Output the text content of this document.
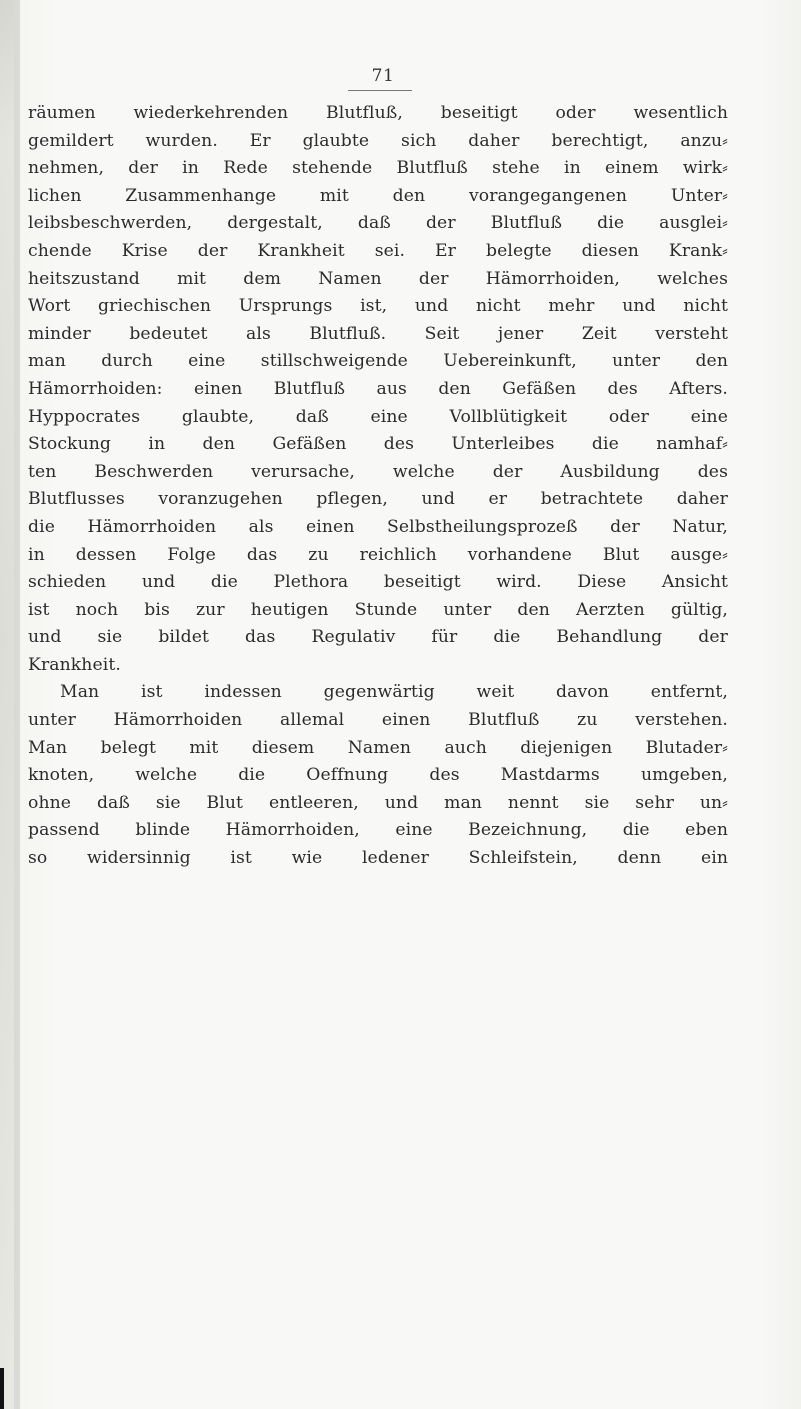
71
räumen wiederkehrenden Blutfluß, beseitigt oder wesentlich
gemildert wurden. Er glaubte sich daher berechtigt, anzu⸗
nehmen, der in Rede stehende Blutfluß stehe in einem wirk⸗
lichen Zusammenhange mit den vorangegangenen Unter⸗
leibsbeschwerden, dergestalt, daß der Blutfluß die ausglei⸗
chende Krise der Krankheit sei. Er belegte diesen Krank⸗
heitszustand mit dem Namen der Hämorrhoiden, welches
Wort griechischen Ursprungs ist, und nicht mehr und nicht
minder bedeutet als Blutfluß. Seit jener Zeit versteht
man durch eine stillschweigende Uebereinkunft, unter den
Hämorrhoiden: einen Blutfluß aus den Gefäßen des Afters.
Hyppocrates glaubte, daß eine Vollblütigkeit oder eine
Stockung in den Gefäßen des Unterleibes die namhaf⸗
ten Beschwerden verursache, welche der Ausbildung des
Blutflusses voranzugehen pflegen, und er betrachtete daher
die Hämorrhoiden als einen Selbstheilungsprozeß der Natur,
in dessen Folge das zu reichlich vorhandene Blut ausge⸗
schieden und die Plethora beseitigt wird. Diese Ansicht
ist noch bis zur heutigen Stunde unter den Aerzten gültig,
und sie bildet das Regulativ für die Behandlung der
Krankheit.
Man ist indessen gegenwärtig weit davon entfernt,
unter Hämorrhoiden allemal einen Blutfluß zu verstehen.
Man belegt mit diesem Namen auch diejenigen Blutader⸗
knoten, welche die Oeffnung des Mastdarms umgeben,
ohne daß sie Blut entleeren, und man nennt sie sehr un⸗
passend blinde Hämorrhoiden, eine Bezeichnung, die eben
so widersinnig ist wie ledener Schleifstein, denn ein
